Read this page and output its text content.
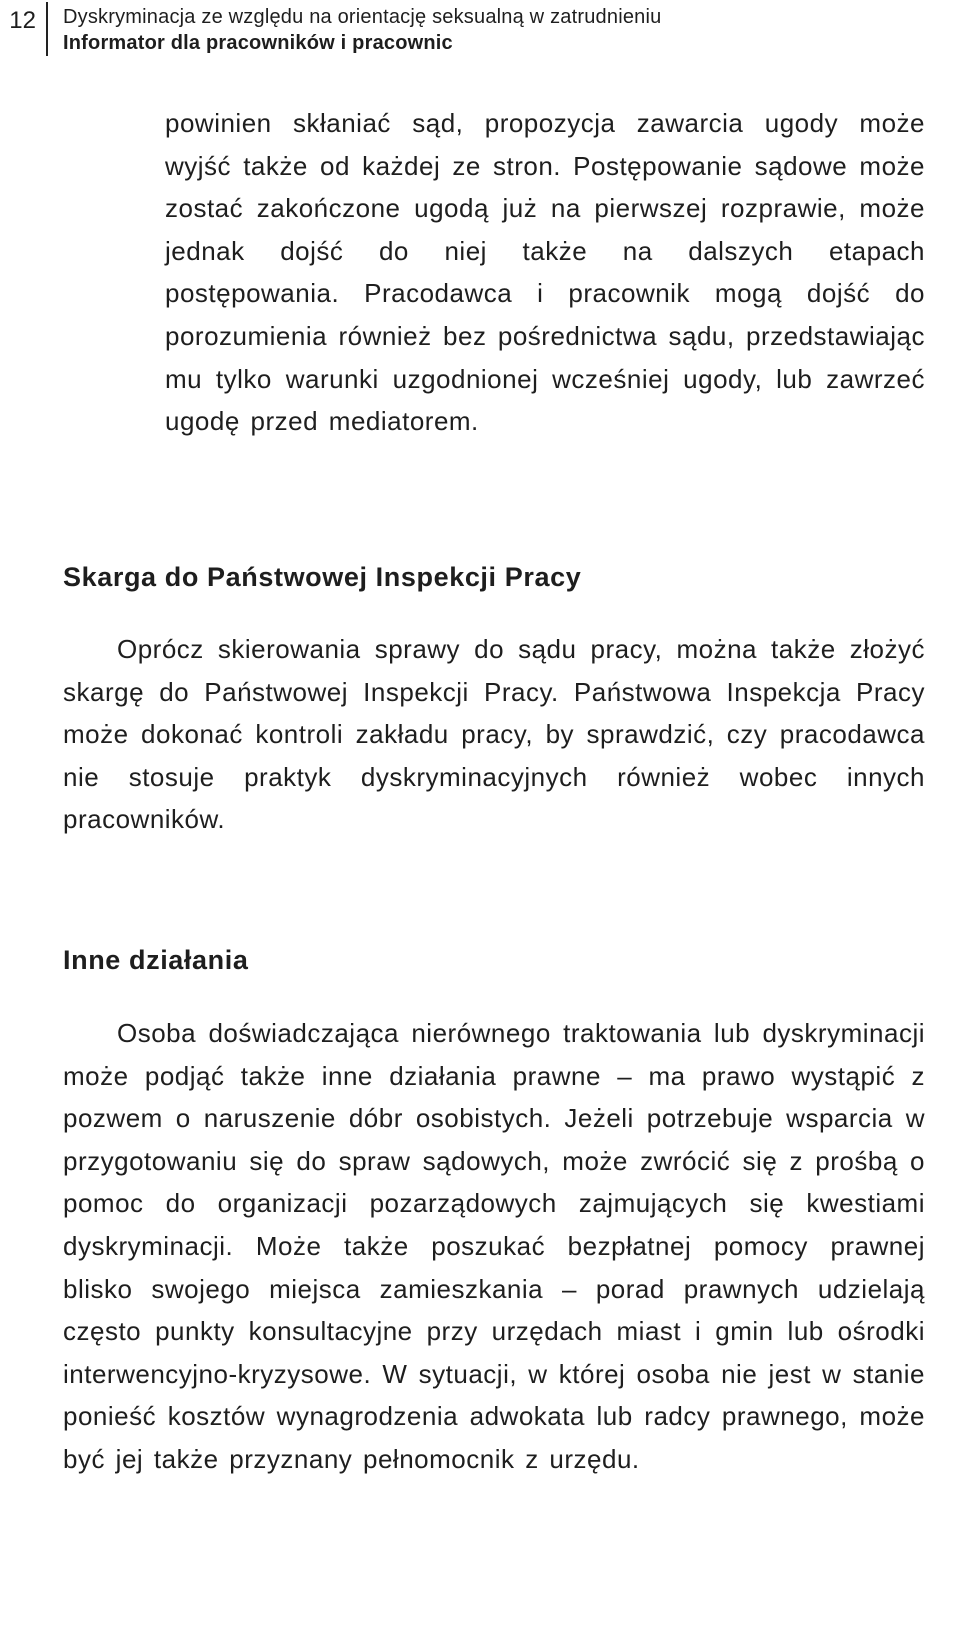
12 Dyskryminacja ze względu na orientację seksualną w zatrudnieniu
Informator dla pracowników i pracownic

powinien skłaniać sąd, propozycja zawarcia ugody może wyjść także od każdej ze stron. Postępowanie sądowe może zostać zakończone ugodą już na pierwszej rozprawie, może jednak dojść do niej także na dalszych etapach postępowania. Pracodawca i pracownik mogą dojść do porozumienia również bez pośrednictwa sądu, przedstawiając mu tylko warunki uzgodnionej wcześniej ugody, lub zawrzeć ugodę przed mediatorem.

Skarga do Państwowej Inspekcji Pracy

Oprócz skierowania sprawy do sądu pracy, można także złożyć skargę do Państwowej Inspekcji Pracy. Państwowa Inspekcja Pracy może dokonać kontroli zakładu pracy, by sprawdzić, czy pracodawca nie stosuje praktyk dyskryminacyjnych również wobec innych pracowników.

Inne działania

Osoba doświadczająca nierównego traktowania lub dyskryminacji może podjąć także inne działania prawne – ma prawo wystąpić z pozwem o naruszenie dóbr osobistych. Jeżeli potrzebuje wsparcia w przygotowaniu się do spraw sądowych, może zwrócić się z prośbą o pomoc do organizacji pozarządowych zajmujących się kwestiami dyskryminacji. Może także poszukać bezpłatnej pomocy prawnej blisko swojego miejsca zamieszkania – porad prawnych udzielają często punkty konsultacyjne przy urzędach miast i gmin lub ośrodki interwencyjno-kryzysowe. W sytuacji, w której osoba nie jest w stanie ponieść kosztów wynagrodzenia adwokata lub radcy prawnego, może być jej także przyznany pełnomocnik z urzędu.
